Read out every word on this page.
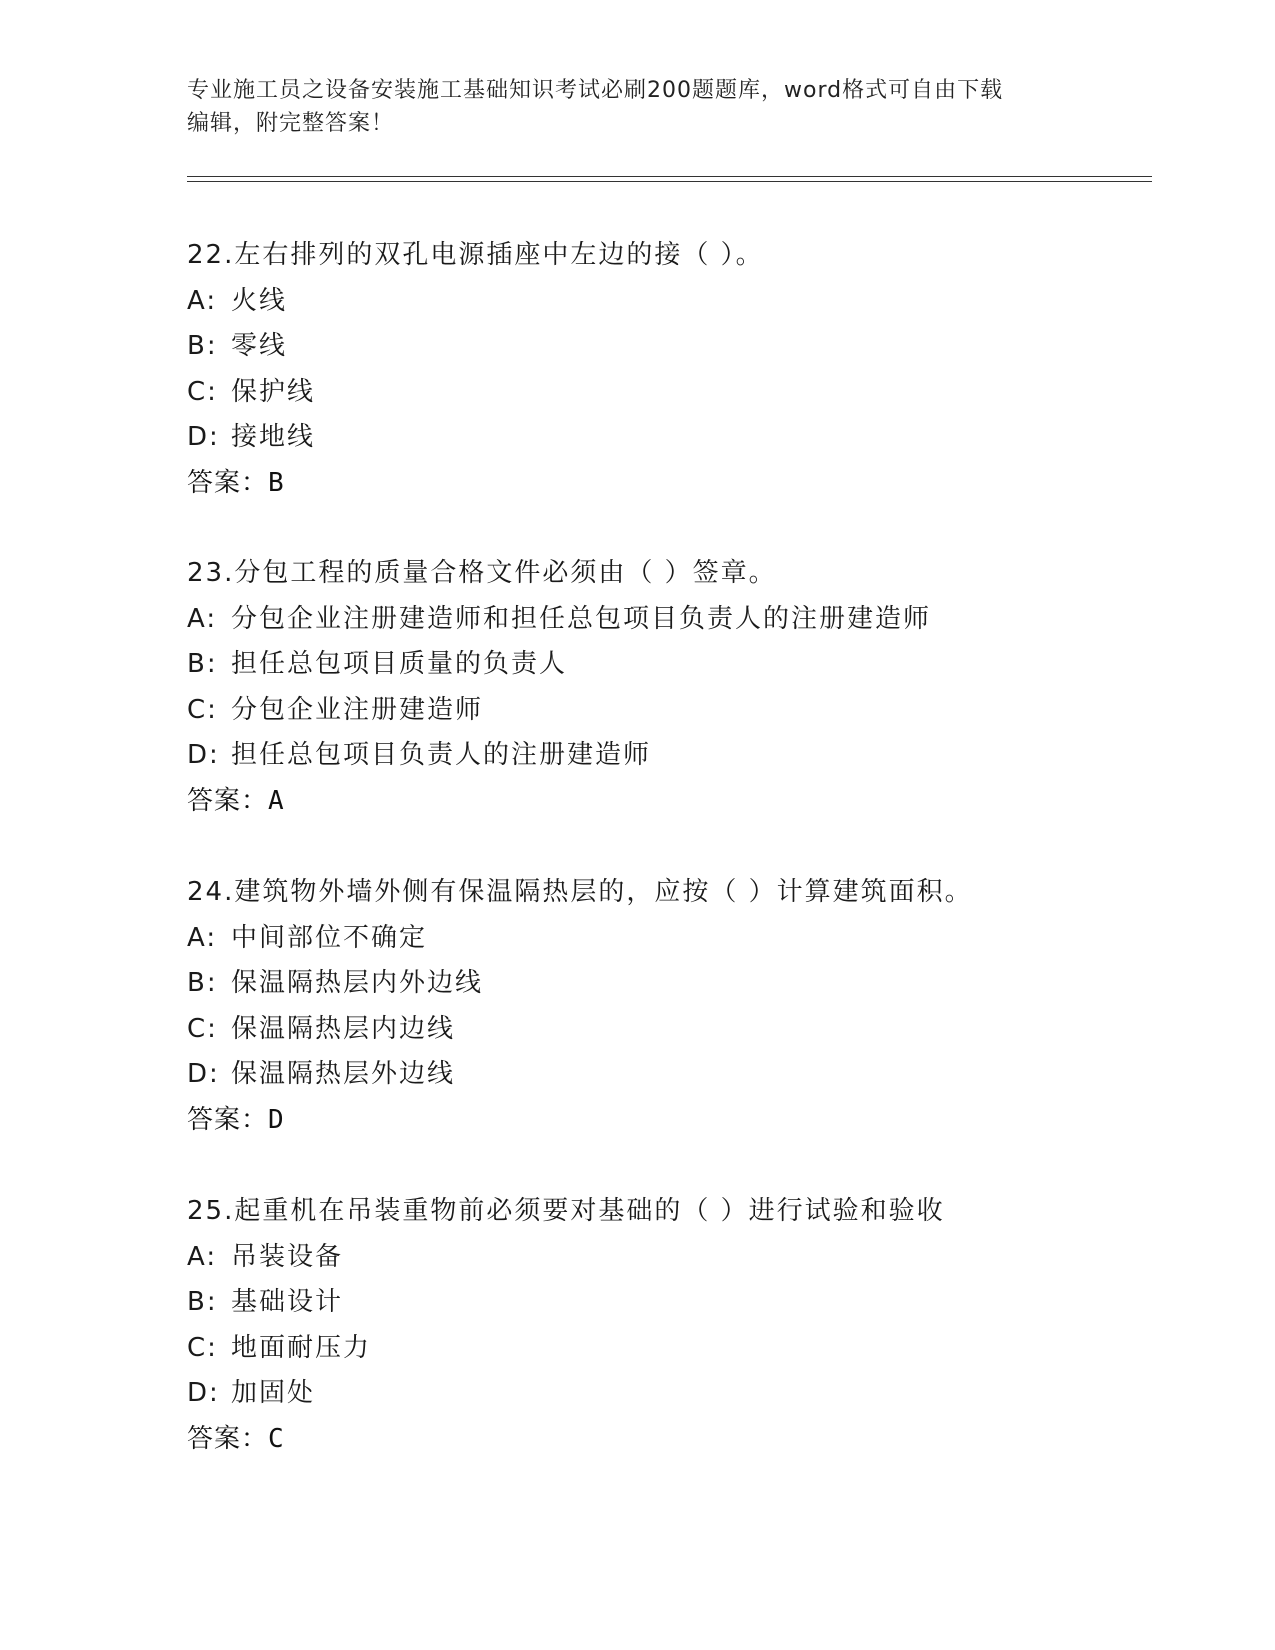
专业施工员之设备安装施工基础知识考试必刷200题题库，word格式可自由下载
编辑，附完整答案！
22.左右排列的双孔电源插座中左边的接（ ）。
A: 火线
B: 零线
C: 保护线
D: 接地线
答案：B
23.分包工程的质量合格文件必须由（ ）签章。
A: 分包企业注册建造师和担任总包项目负责人的注册建造师
B: 担任总包项目质量的负责人
C: 分包企业注册建造师
D: 担任总包项目负责人的注册建造师
答案：A
24.建筑物外墙外侧有保温隔热层的，应按（ ）计算建筑面积。
A: 中间部位不确定
B: 保温隔热层内外边线
C: 保温隔热层内边线
D: 保温隔热层外边线
答案：D
25.起重机在吊装重物前必须要对基础的（ ）进行试验和验收
A: 吊装设备
B: 基础设计
C: 地面耐压力
D: 加固处
答案：C
